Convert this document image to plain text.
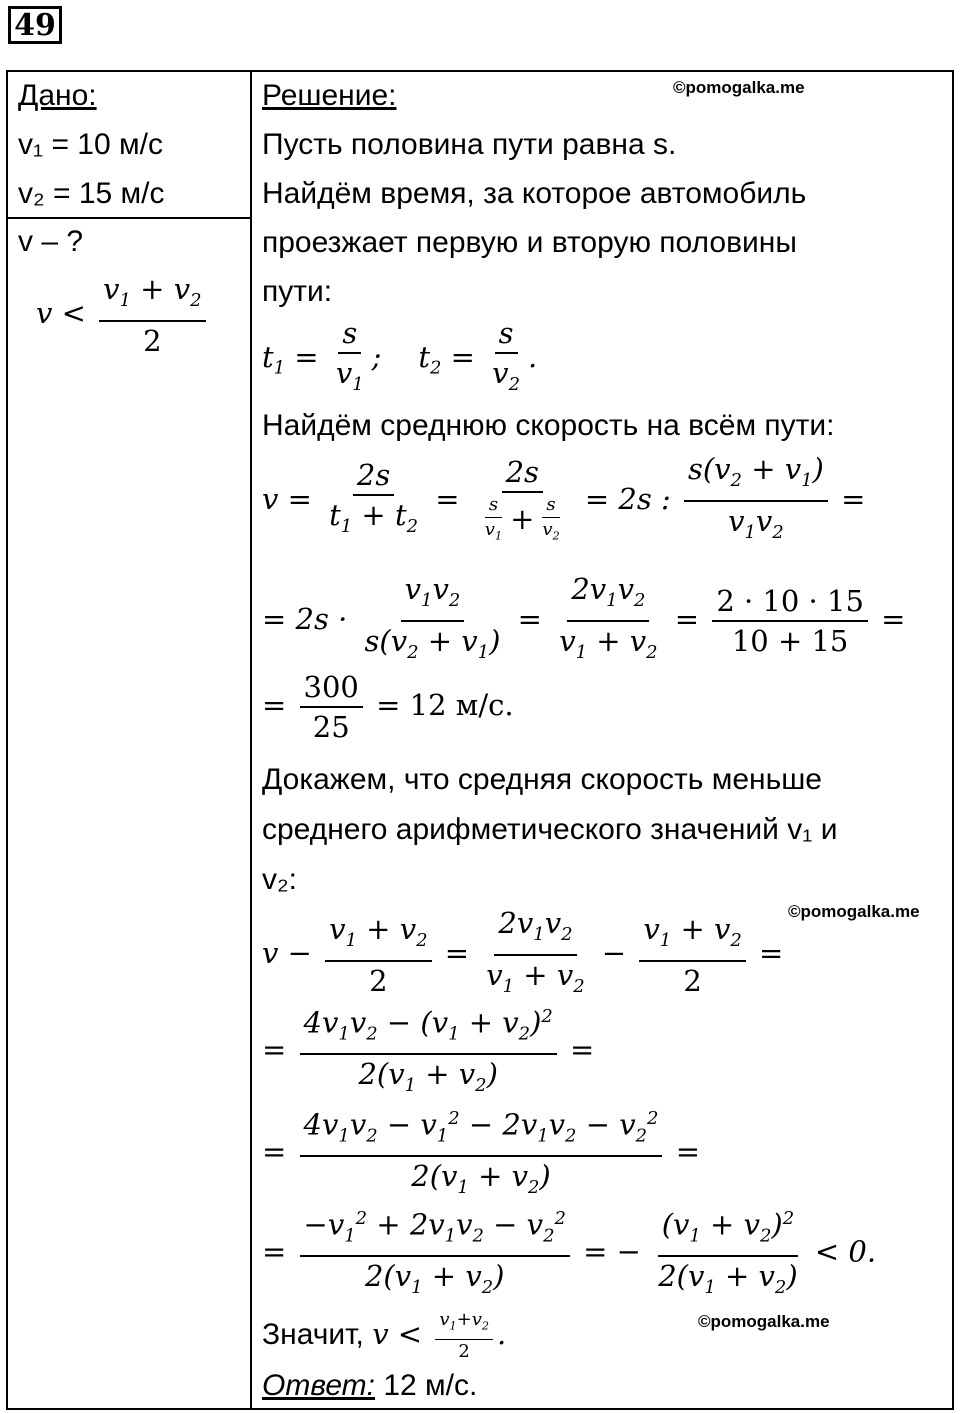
49
Дано:
v₁ = 10 м/с
v₂ = 15 м/с
v – ?
$v < \frac{v_1 + v_2}{2}$
Решение:	©pomogalka.me
Пусть половина пути равна s.
Найдём время, за которое автомобиль
проезжает первую и вторую половины
пути:
$t_1 = \frac{s}{v_1}$ ;    $t_2 = \frac{s}{v_2}$ .
Найдём среднюю скорость на всём пути:
$v = \frac{2s}{t_1 + t_2} = \frac{2s}{\frac{s}{v_1} + \frac{s}{v_2}} = 2s$ : $\frac{s(v_2 + v_1)}{v_1v_2}$ =
= $2s \cdot \frac{v_1v_2}{s(v_2 + v_1)} = \frac{2v_1v_2}{v_1 + v_2} = \frac{2 \cdot 10 \cdot 15}{10 + 15}$ =
= $\frac{300}{25} = 12$ м/с.
Докажем, что средняя скорость меньше
среднего арифметического значений v₁ и
v₂:
©pomogalka.me
$v - \frac{v_1 + v_2}{2} = \frac{2v_1v_2}{v_1 + v_2} - \frac{v_1 + v_2}{2}$ =
= $\frac{4v_1v_2 - (v_1 + v_2)^2}{2(v_1 + v_2)}$ =
= $\frac{4v_1v_2 - v_1^2 - 2v_1v_2 - v_2^2}{2(v_1 + v_2)}$ =
= $\frac{-v_1^2 + 2v_1v_2 - v_2^2}{2(v_1 + v_2)}$ = − $\frac{(v_1 + v_2)^2}{2(v_1 + v_2)} < 0$.
Значит, $v < \frac{v_1+v_2}{2}$ .	©pomogalka.me
Ответ: 12 м/с.
